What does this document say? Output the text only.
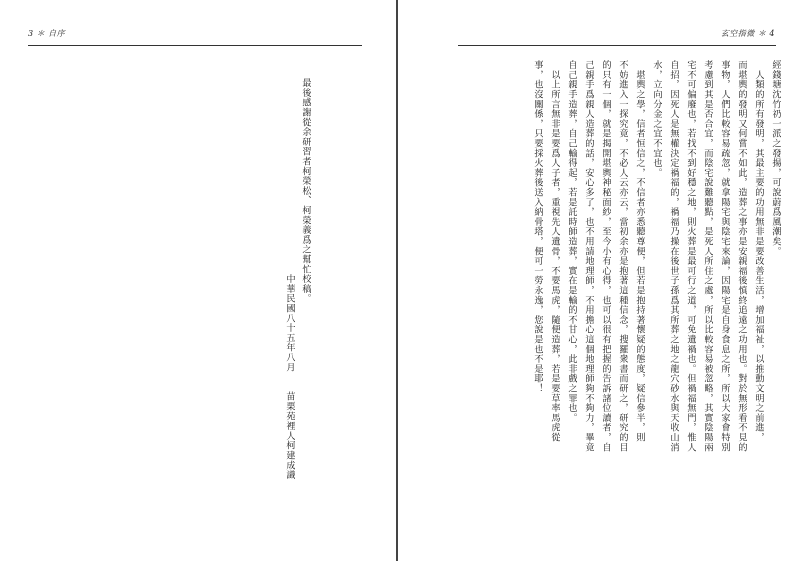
3 ＊ 自序
最後感謝從余研習者柯榮松、柯榮義爲之幫忙校稿。
中華民國八十五年八月　　苗栗苑裡人柯建成識
玄空指微 ＊ 4
經錢塘沈竹礽一派之發揚，可說蔚爲風潮矣。
　人類的所有發明，其最主要的功用無非是要改善生活，增加福祉，以推動文明之前進，
而堪輿的發明又何嘗不如此，造葬之事亦是安親福後慎終追遠之功用也。對於無形看不見的
事物，人們比較容易疏忽，就拿陽宅與陰宅來論，因陽宅是自身食息之所，所以大家會特別
考慮到其是否合宜，而陰宅說難聽點，是死人所住之處，所以比較容易被忽略，其實陰陽兩
宅不可偏廢也，若找不到好穩之地，則火葬是最可行之道，可免遺禍也。但禍福無門，惟人
自招，因死人是無權決定禍福的，禍福乃操在後世子孫爲其所葬之地之龍穴砂水與天收山消
水，立向分金之宜不宜也。
　堪輿之學，信者恒信之，不信者亦悉聽尊便，但若是抱持著懷疑的態度，疑信參半，則
不妨進入一探究竟，不必人云亦云，當初余亦是抱著這種信念，搜羅衆書而研之，研究的目
的只有一個，就是揭開堪輿神秘面紗，至今小有心得，也可以很有把握的告訴諸位讀者，自
己親手爲親人造葬的話，安心多了，也不用請地理師，不用擔心這個地理師夠不夠力，畢竟
自己親手造葬，自己輸得起，若是託時師造葬，實在是輸的不甘心，此非戲之罪也。
　以上所言無非是要爲人子者，重視先人遺骨，不要馬虎，隨便造葬，若是要草率馬虎從
事，也沒關係，只要採火葬後送入納骨塔，便可一勞永逸，您說是也不是耶！
